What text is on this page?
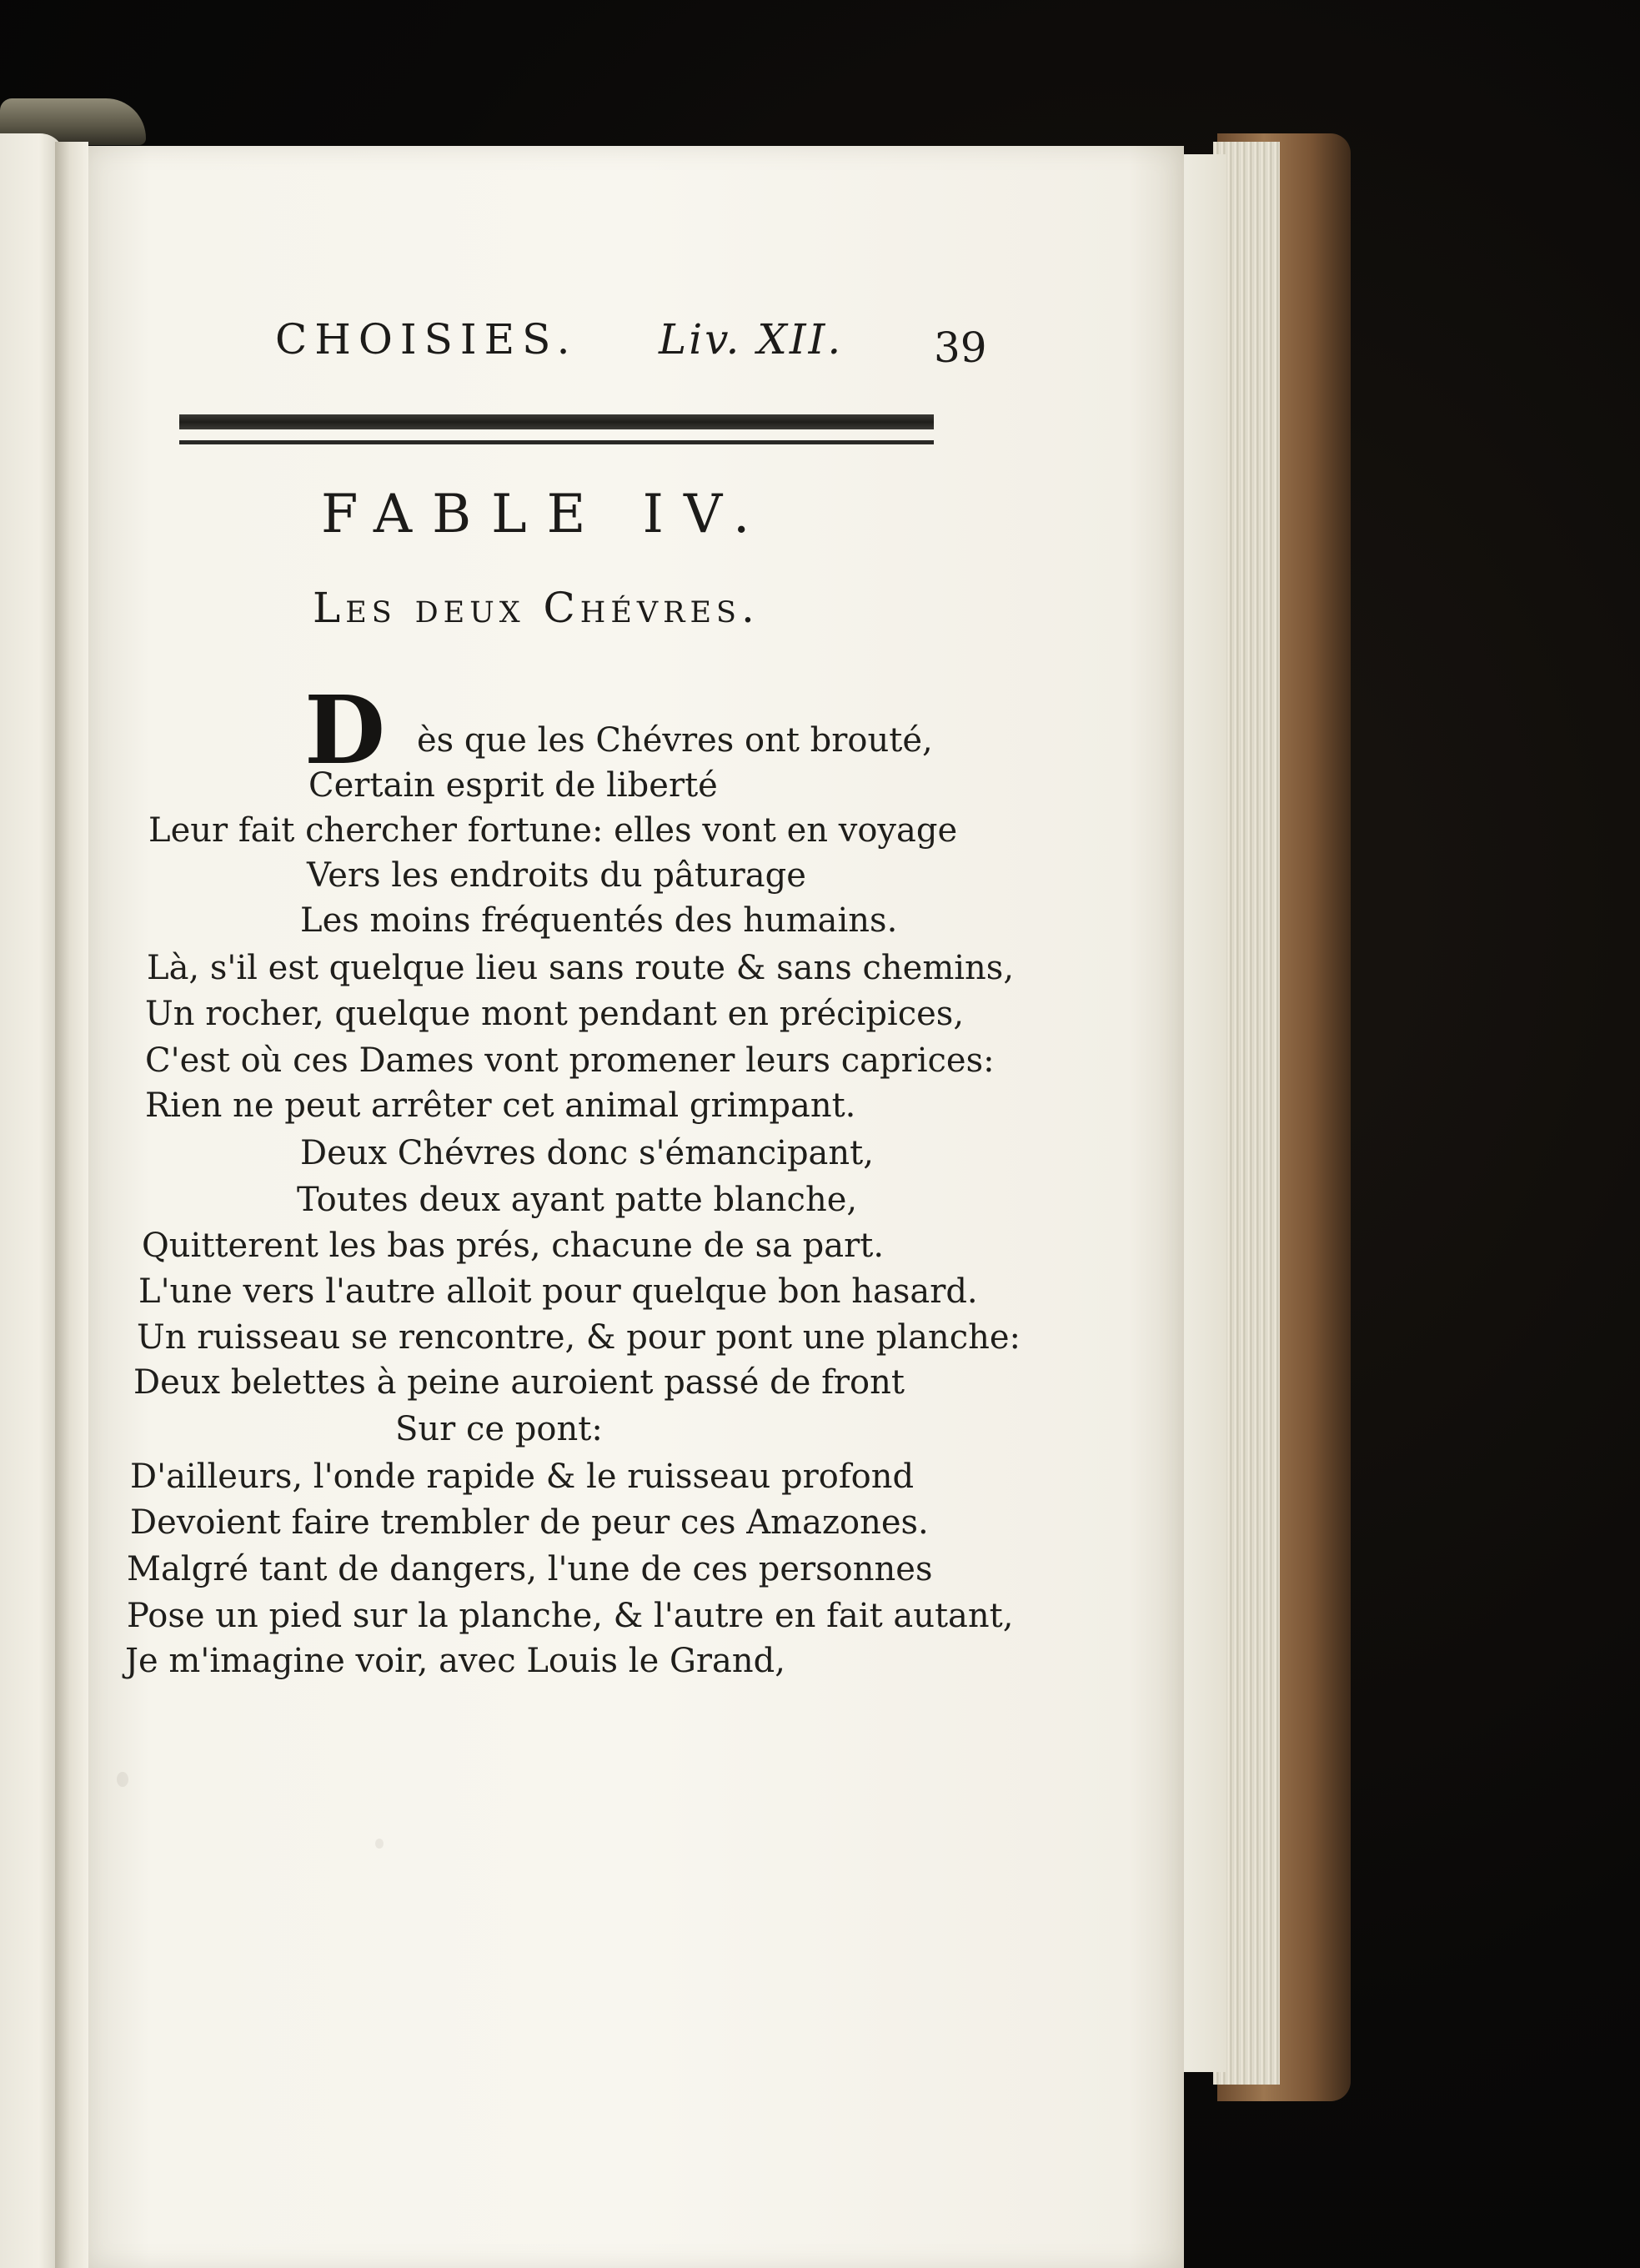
CHOISIES. Liv. XII. 39
FABLE IV.
Les deux Chévres.
D ès que les Chévres ont brouté,
Certain esprit de liberté
Leur fait chercher fortune: elles vont en voyage
Vers les endroits du pâturage
Les moins fréquentés des humains.
Là, s'il est quelque lieu sans route & sans chemins,
Un rocher, quelque mont pendant en précipices,
C'est où ces Dames vont promener leurs caprices:
Rien ne peut arrêter cet animal grimpant.
Deux Chévres donc s'émancipant,
Toutes deux ayant patte blanche,
Quitterent les bas prés, chacune de sa part.
L'une vers l'autre alloit pour quelque bon hasard.
Un ruisseau se rencontre, & pour pont une planche:
Deux belettes à peine auroient passé de front
Sur ce pont:
D'ailleurs, l'onde rapide & le ruisseau profond
Devoient faire trembler de peur ces Amazones.
Malgré tant de dangers, l'une de ces personnes
Pose un pied sur la planche, & l'autre en fait autant,
Je m'imagine voir, avec Louis le Grand,
